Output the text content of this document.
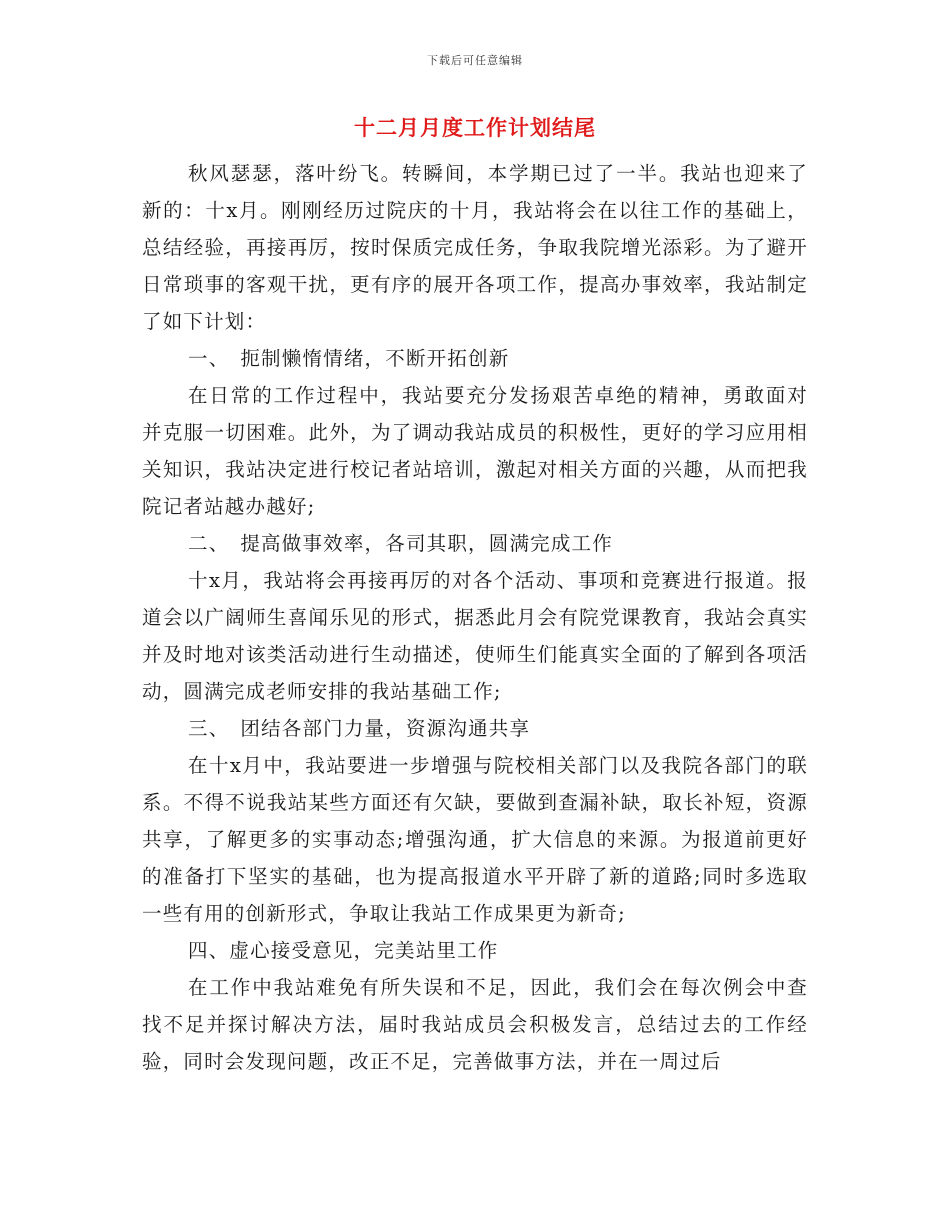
下载后可任意编辑
十二月月度工作计划结尾

秋风瑟瑟，落叶纷飞。转瞬间，本学期已过了一半。我站也迎来了新的：十x月。刚刚经历过院庆的十月，我站将会在以往工作的基础上，总结经验，再接再厉，按时保质完成任务，争取我院增光添彩。为了避开日常琐事的客观干扰，更有序的展开各项工作，提高办事效率，我站制定了如下计划：

一、　扼制懒惰情绪，不断开拓创新

在日常的工作过程中，我站要充分发扬艰苦卓绝的精神，勇敢面对并克服一切困难。此外，为了调动我站成员的积极性，更好的学习应用相关知识，我站决定进行校记者站培训，激起对相关方面的兴趣，从而把我院记者站越办越好;

二、　提高做事效率，各司其职，圆满完成工作

十x月，我站将会再接再厉的对各个活动、事项和竞赛进行报道。报道会以广阔师生喜闻乐见的形式，据悉此月会有院党课教育，我站会真实并及时地对该类活动进行生动描述，使师生们能真实全面的了解到各项活动，圆满完成老师安排的我站基础工作;

三、　团结各部门力量，资源沟通共享

在十x月中，我站要进一步增强与院校相关部门以及我院各部门的联系。不得不说我站某些方面还有欠缺，要做到查漏补缺，取长补短，资源共享，了解更多的实事动态;增强沟通，扩大信息的来源。为报道前更好的准备打下坚实的基础，也为提高报道水平开辟了新的道路;同时多选取一些有用的创新形式，争取让我站工作成果更为新奇;

四、虚心接受意见，完美站里工作

在工作中我站难免有所失误和不足，因此，我们会在每次例会中查找不足并探讨解决方法，届时我站成员会积极发言，总结过去的工作经验，同时会发现问题，改正不足，完善做事方法，并在一周过后
